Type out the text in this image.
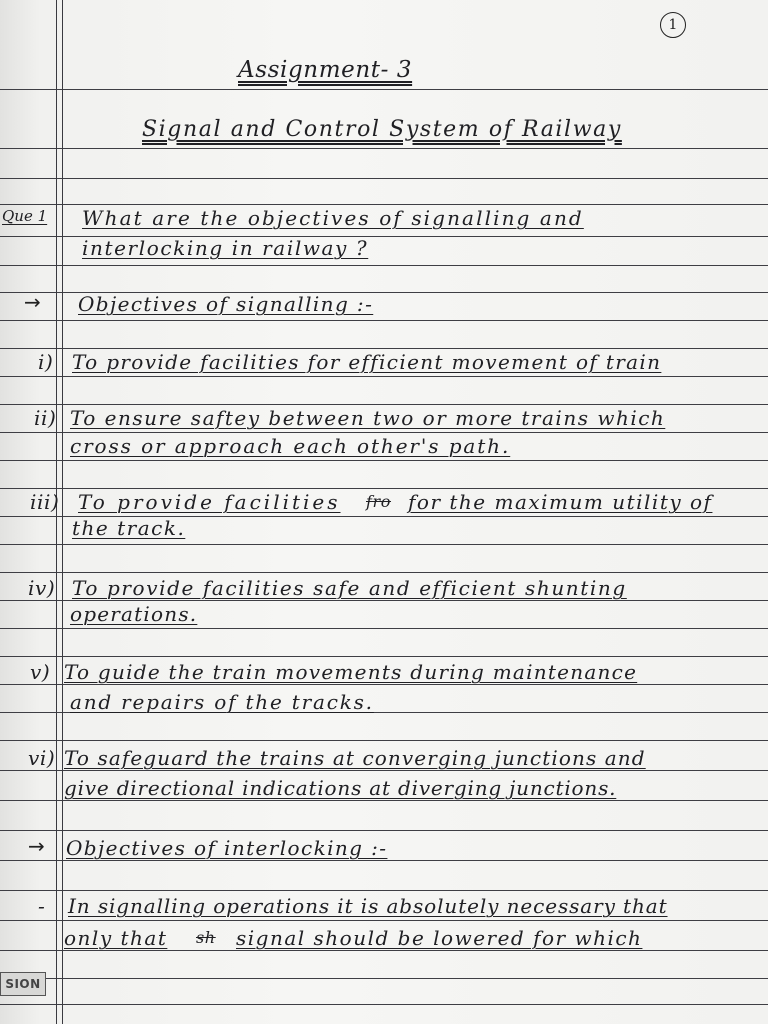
1
Assignment- 3
Signal and Control System of Railway
Que 1 What are the objectives of signalling and
interlocking in railway ?
→ Objectives of signalling :-
i) To provide facilities for efficient movement of train
ii) To ensure saftey between two or more trains which
cross or approach each other's path.
iii) To provide facilities fro for the maximum utility of
the track.
iv) To provide facilities safe and efficient shunting
operations.
v) To guide the train movements during maintenance
and repairs of the tracks.
vi) To safeguard the trains at converging junctions and
give directional indications at diverging junctions.
→ Objectives of interlocking :-
- In signalling operations it is absolutely necessary that
only that sh signal should be lowered for which
SION
